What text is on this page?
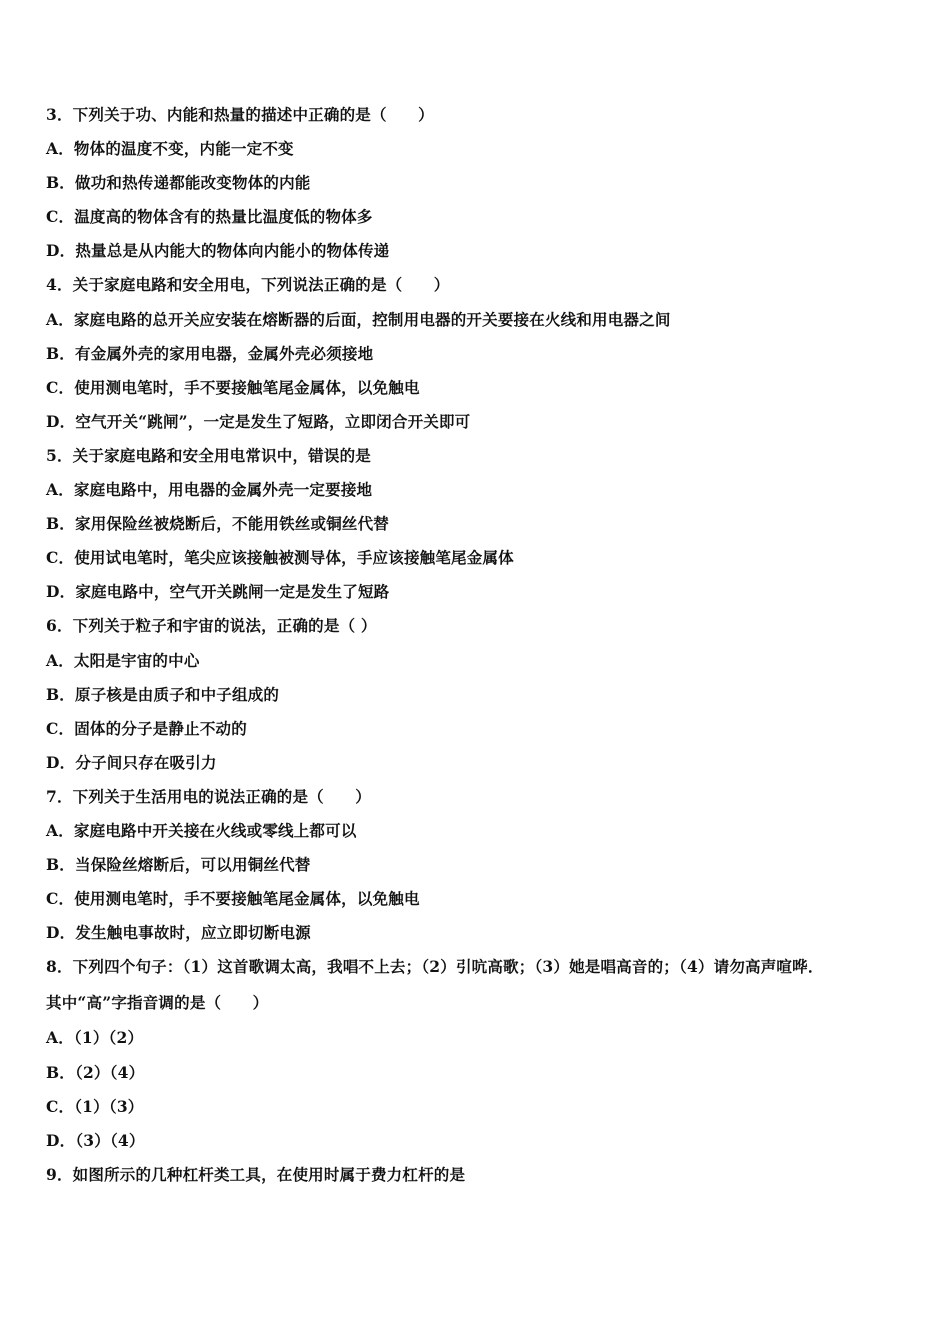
3．下列关于功、内能和热量的描述中正确的是（　　）
A．物体的温度不变，内能一定不变
B．做功和热传递都能改变物体的内能
C．温度高的物体含有的热量比温度低的物体多
D．热量总是从内能大的物体向内能小的物体传递
4．关于家庭电路和安全用电，下列说法正确的是（　　）
A．家庭电路的总开关应安装在熔断器的后面，控制用电器的开关要接在火线和用电器之间
B．有金属外壳的家用电器，金属外壳必须接地
C．使用测电笔时，手不要接触笔尾金属体，以免触电
D．空气开关“跳闸”，一定是发生了短路，立即闭合开关即可
5．关于家庭电路和安全用电常识中，错误的是
A．家庭电路中，用电器的金属外壳一定要接地
B．家用保险丝被烧断后，不能用铁丝或铜丝代替
C．使用试电笔时，笔尖应该接触被测导体，手应该接触笔尾金属体
D．家庭电路中，空气开关跳闸一定是发生了短路
6．下列关于粒子和宇宙的说法，正确的是（ ）
A．太阳是宇宙的中心
B．原子核是由质子和中子组成的
C．固体的分子是静止不动的
D．分子间只存在吸引力
7．下列关于生活用电的说法正确的是（　　）
A．家庭电路中开关接在火线或零线上都可以
B．当保险丝熔断后，可以用铜丝代替
C．使用测电笔时，手不要接触笔尾金属体，以免触电
D．发生触电事故时，应立即切断电源
8．下列四个句子：（1）这首歌调太高，我唱不上去；（2）引吭高歌；（3）她是唱高音的；（4）请勿高声喧哗．
其中“高”字指音调的是（　　）
A．（1）（2）
B．（2）（4）
C．（1）（3）
D．（3）（4）
9．如图所示的几种杠杆类工具，在使用时属于费力杠杆的是
